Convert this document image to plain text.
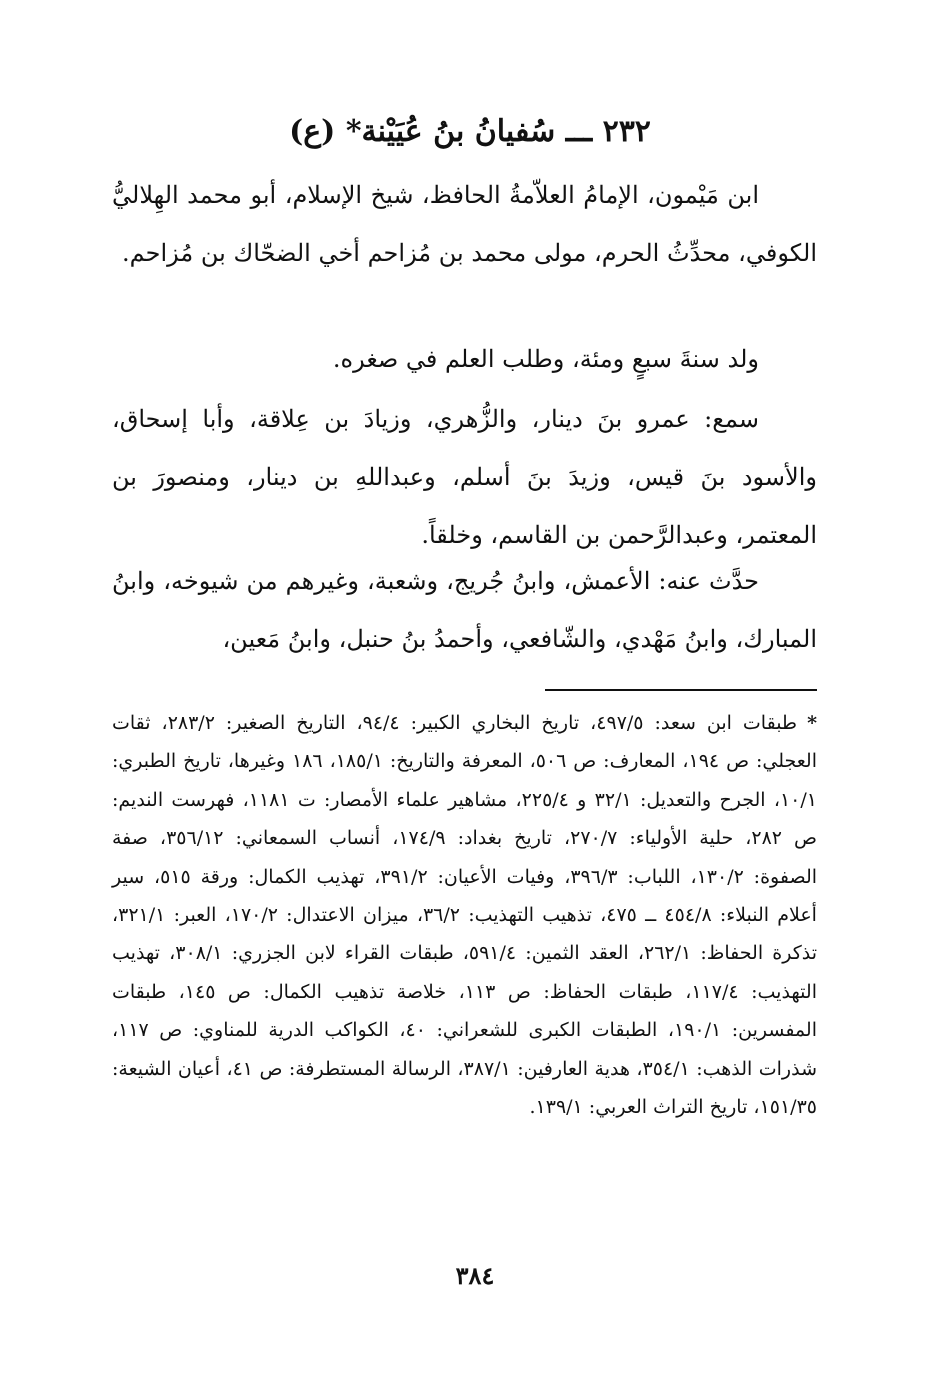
٢٣٢ ـــ سُفيانُ بنُ عُيَيْنة* (ع)

ابن مَيْمون، الإمامُ العلاّمةُ الحافظ، شيخ الإسلام، أبو محمد الهِلاليُّ الكوفي، محدِّثُ الحرم، مولى محمد بن مُزاحم أخي الضحّاك بن مُزاحم.

ولد سنةَ سبعٍ ومئة، وطلب العلم في صغره.

سمع: عمرو بنَ دينار، والزُّهري، وزيادَ بن عِلاقة، وأبا إسحاق، والأسود بنَ قيس، وزيدَ بنَ أسلم، وعبداللهِ بن دينار، ومنصورَ بن المعتمر، وعبدالرَّحمن بن القاسم، وخلقاً.

حدَّث عنه: الأعمش، وابنُ جُريج، وشعبة، وغيرهم من شيوخه، وابنُ المبارك، وابنُ مَهْدي، والشّافعي، وأحمدُ بنُ حنبل، وابنُ مَعين،

*طبقات ابن سعد: ٤٩٧/٥، تاريخ البخاري الكبير: ٩٤/٤، التاريخ الصغير: ٢٨٣/٢، ثقات العجلي: ص ١٩٤، المعارف: ص ٥٠٦، المعرفة والتاريخ: ١٨٥/١، ١٨٦ وغيرها، تاريخ الطبري: ١٠/١، الجرح والتعديل: ٣٢/١ و ٢٢٥/٤، مشاهير علماء الأمصار: ت ١١٨١، فهرست النديم: ص ٢٨٢، حلية الأولياء: ٢٧٠/٧، تاريخ بغداد: ١٧٤/٩، أنساب السمعاني: ٣٥٦/١٢، صفة الصفوة: ١٣٠/٢، اللباب: ٣٩٦/٣، وفيات الأعيان: ٣٩١/٢، تهذيب الكمال: ورقة ٥١٥، سير أعلام النبلاء: ٤٥٤/٨ ــ ٤٧٥، تذهيب التهذيب: ٣٦/٢، ميزان الاعتدال: ١٧٠/٢، العبر: ٣٢١/١، تذكرة الحفاظ: ٢٦٢/١، العقد الثمين: ٥٩١/٤، طبقات القراء لابن الجزري: ٣٠٨/١، تهذيب التهذيب: ١١٧/٤، طبقات الحفاظ: ص ١١٣، خلاصة تذهيب الكمال: ص ١٤٥، طبقات المفسرين: ١٩٠/١، الطبقات الكبرى للشعراني: ٤٠، الكواكب الدرية للمناوي: ص ١١٧، شذرات الذهب: ٣٥٤/١، هدية العارفين: ٣٨٧/١، الرسالة المستطرفة: ص ٤١، أعيان الشيعة: ١٥١/٣٥، تاريخ التراث العربي: ١٣٩/١.
٣٨٤
